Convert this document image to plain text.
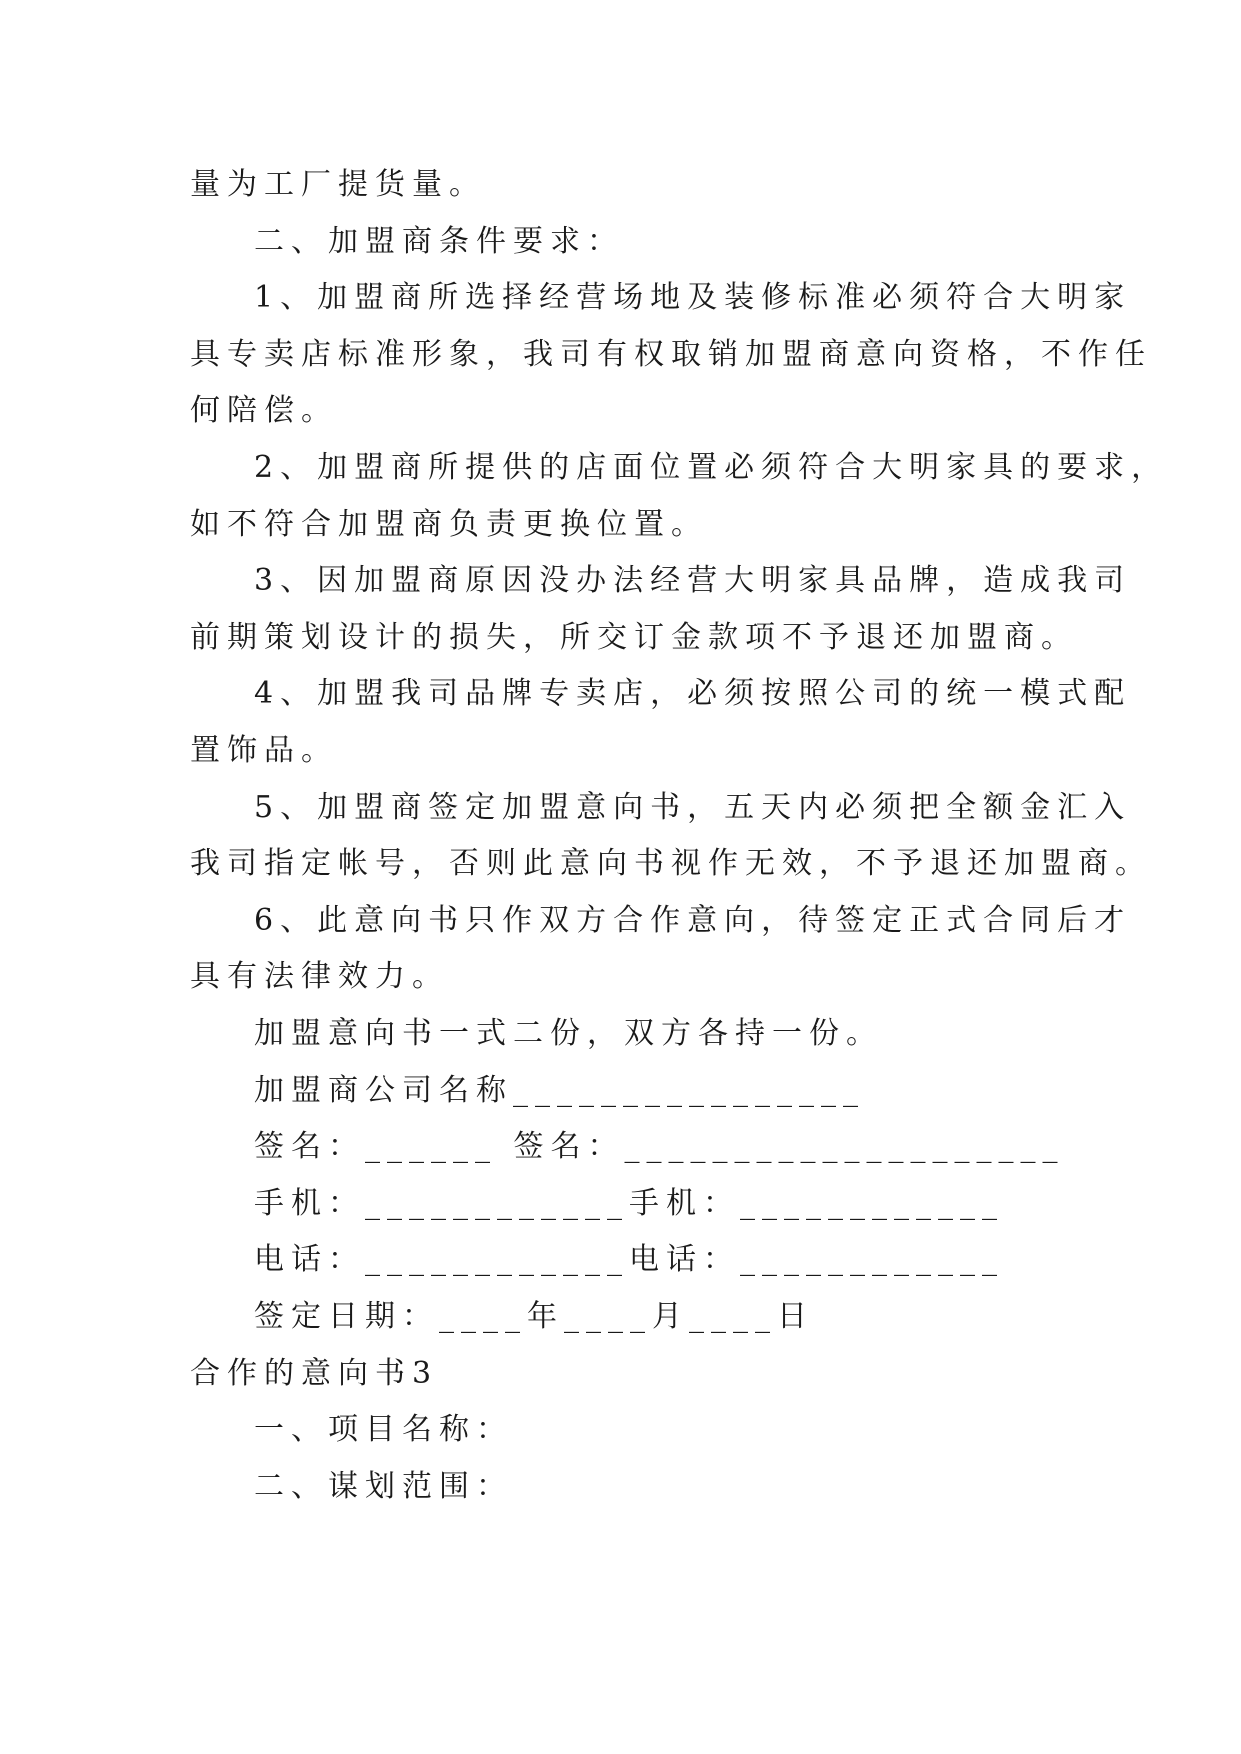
量为工厂提货量。
二、加盟商条件要求：
1、加盟商所选择经营场地及装修标准必须符合大明家
具专卖店标准形象，我司有权取销加盟商意向资格，不作任
何陪偿。
2、加盟商所提供的店面位置必须符合大明家具的要求，
如不符合加盟商负责更换位置。
3、因加盟商原因没办法经营大明家具品牌，造成我司
前期策划设计的损失，所交订金款项不予退还加盟商。
4、加盟我司品牌专卖店，必须按照公司的统一模式配
置饰品。
5、加盟商签定加盟意向书，五天内必须把全额金汇入
我司指定帐号，否则此意向书视作无效，不予退还加盟商。
6、此意向书只作双方合作意向，待签定正式合同后才
具有法律效力。
加盟意向书一式二份，双方各持一份。
加盟商公司名称________________
签名：______ 签名：____________________
手机：____________手机：____________
电话：____________电话：____________
签定日期：____年____月____日
合作的意向书3
一、项目名称：
二、谋划范围：
